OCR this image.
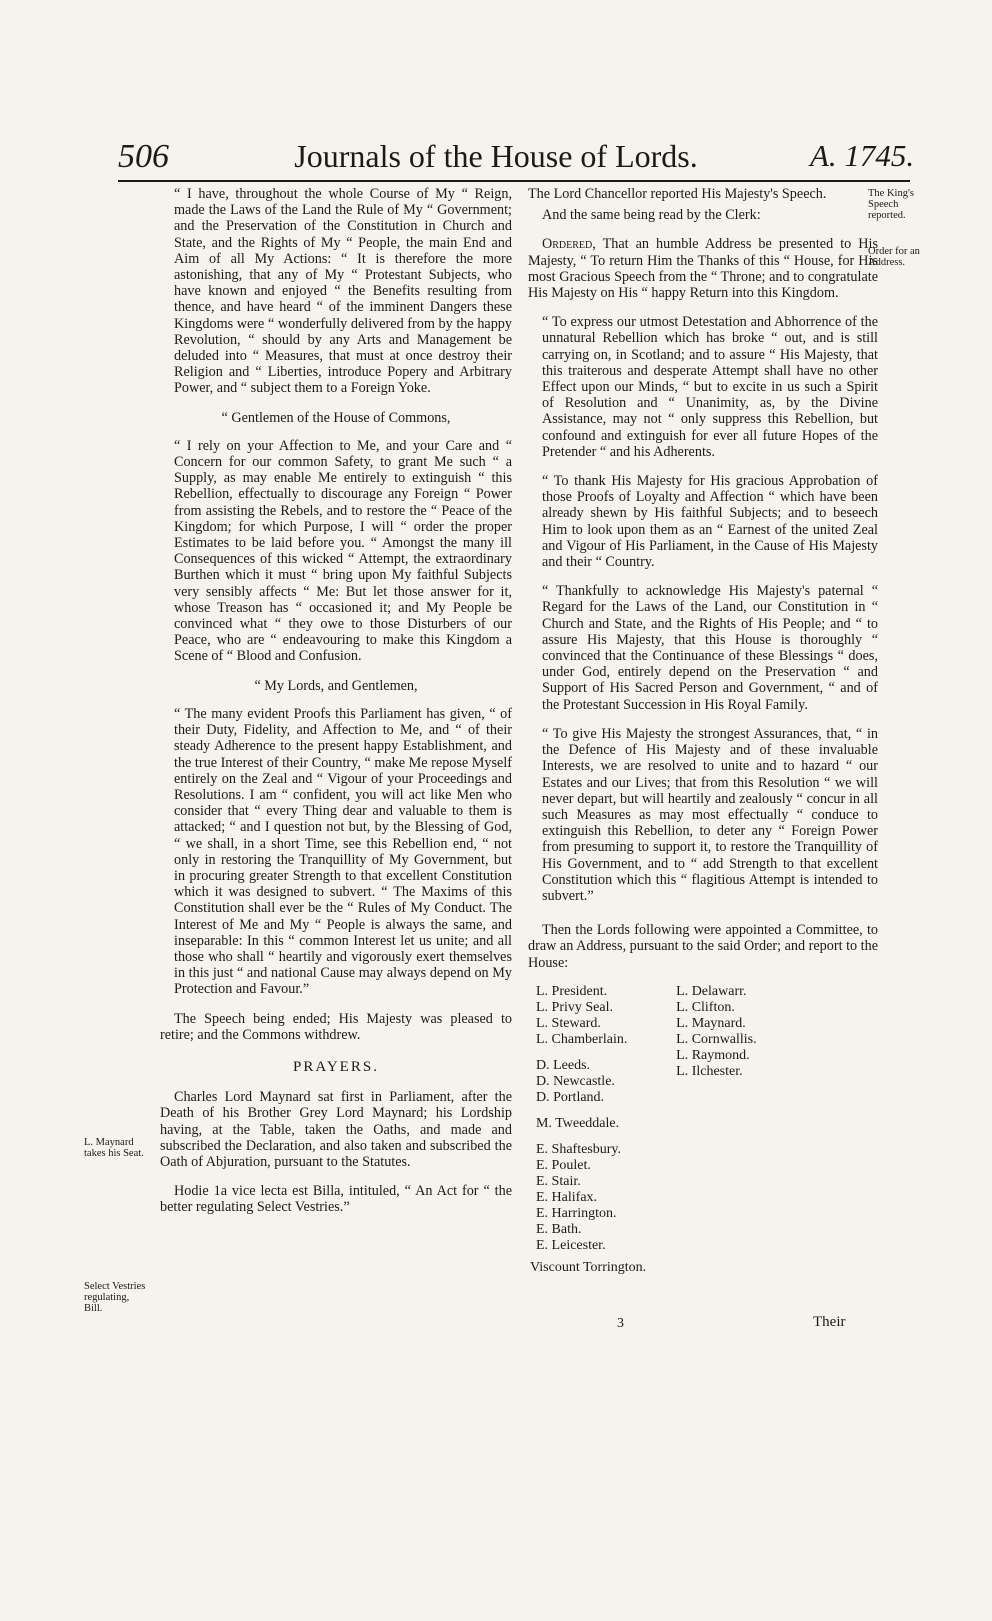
506	Journals of the House of Lords.	A. 1745.

“ I have, throughout the whole Course of My “ Reign, made the Laws of the Land the Rule of My “ Government; and the Preservation of the Constitution in Church and State, and the Rights of My “ People, the main End and Aim of all My Actions: “ It is therefore the more astonishing, that any of My “ Protestant Subjects, who have known and enjoyed “ the Benefits resulting from thence, and have heard “ of the imminent Dangers these Kingdoms were “ wonderfully delivered from by the happy Revolution, “ should by any Arts and Management be deluded into “ Measures, that must at once destroy their Religion and “ Liberties, introduce Popery and Arbitrary Power, and “ subject them to a Foreign Yoke.

“ Gentlemen of the House of Commons,

“ I rely on your Affection to Me, and your Care and “ Concern for our common Safety, to grant Me such “ a Supply, as may enable Me entirely to extinguish “ this Rebellion, effectually to discourage any Foreign “ Power from assisting the Rebels, and to restore the “ Peace of the Kingdom; for which Purpose, I will “ order the proper Estimates to be laid before you. “ Amongst the many ill Consequences of this wicked “ Attempt, the extraordinary Burthen which it must “ bring upon My faithful Subjects very sensibly affects “ Me: But let those answer for it, whose Treason has “ occasioned it; and My People be convinced what “ they owe to those Disturbers of our Peace, who are “ endeavouring to make this Kingdom a Scene of “ Blood and Confusion.

“ My Lords, and Gentlemen,

“ The many evident Proofs this Parliament has given, “ of their Duty, Fidelity, and Affection to Me, and “ of their steady Adherence to the present happy Establishment, and the true Interest of their Country, “ make Me repose Myself entirely on the Zeal and “ Vigour of your Proceedings and Resolutions. I am “ confident, you will act like Men who consider that “ every Thing dear and valuable to them is attacked; “ and I question not but, by the Blessing of God, “ we shall, in a short Time, see this Rebellion end, “ not only in restoring the Tranquillity of My Government, but in procuring greater Strength to that excellent Constitution which it was designed to subvert. “ The Maxims of this Constitution shall ever be the “ Rules of My Conduct. The Interest of Me and My “ People is always the same, and inseparable: In this “ common Interest let us unite; and all those who shall “ heartily and vigorously exert themselves in this just “ and national Cause may always depend on My Protection and Favour.”

The Speech being ended; His Majesty was pleased to retire; and the Commons withdrew.

PRAYERS.

Charles Lord Maynard sat first in Parliament, after the Death of his Brother Grey Lord Maynard; his Lordship having, at the Table, taken the Oaths, and made and subscribed the Declaration, and also taken and subscribed the Oath of Abjuration, pursuant to the Statutes.

Hodie 1a vice lecta est Billa, intituled, “ An Act for “ the better regulating Select Vestries.”

L. Maynard takes his Seat.
Select Vestries regulating, Bill.

The Lord Chancellor reported His Majesty's Speech.

And the same being read by the Clerk:

Ordered, That an humble Address be presented to His Majesty, “ To return Him the Thanks of this “ House, for His most Gracious Speech from the “ Throne; and to congratulate His Majesty on His “ happy Return into this Kingdom.

“ To express our utmost Detestation and Abhorrence of the unnatural Rebellion which has broke “ out, and is still carrying on, in Scotland; and to assure “ His Majesty, that this traiterous and desperate Attempt shall have no other Effect upon our Minds, “ but to excite in us such a Spirit of Resolution and “ Unanimity, as, by the Divine Assistance, may not “ only suppress this Rebellion, but confound and extinguish for ever all future Hopes of the Pretender “ and his Adherents.

“ To thank His Majesty for His gracious Approbation of those Proofs of Loyalty and Affection “ which have been already shewn by His faithful Subjects; and to beseech Him to look upon them as an “ Earnest of the united Zeal and Vigour of His Parliament, in the Cause of His Majesty and their “ Country.

“ Thankfully to acknowledge His Majesty's paternal “ Regard for the Laws of the Land, our Constitution in “ Church and State, and the Rights of His People; and “ to assure His Majesty, that this House is thoroughly “ convinced that the Continuance of these Blessings “ does, under God, entirely depend on the Preservation “ and Support of His Sacred Person and Government, “ and of the Protestant Succession in His Royal Family.

“ To give His Majesty the strongest Assurances, that, “ in the Defence of His Majesty and of these invaluable Interests, we are resolved to unite and to hazard “ our Estates and our Lives; that from this Resolution “ we will never depart, but will heartily and zealously “ concur in all such Measures as may most effectually “ conduce to extinguish this Rebellion, to deter any “ Foreign Power from presuming to support it, to restore the Tranquillity of His Government, and to “ add Strength to that excellent Constitution which this “ flagitious Attempt is intended to subvert.”

Then the Lords following were appointed a Committee, to draw an Address, pursuant to the said Order; and report to the House:

L. President.
L. Privy Seal.
L. Steward.
L. Chamberlain.
D. Leeds.
D. Newcastle.
D. Portland.
M. Tweeddale.
E. Shaftesbury.
E. Poulet.
E. Stair.
E. Halifax.
E. Harrington.
E. Bath.
E. Leicester.
Viscount Torrington.
L. Delawarr.
L. Clifton.
L. Maynard.
L. Cornwallis.
L. Raymond.
L. Ilchester.
The King's Speech reported.
Order for an Address.
3	Their
